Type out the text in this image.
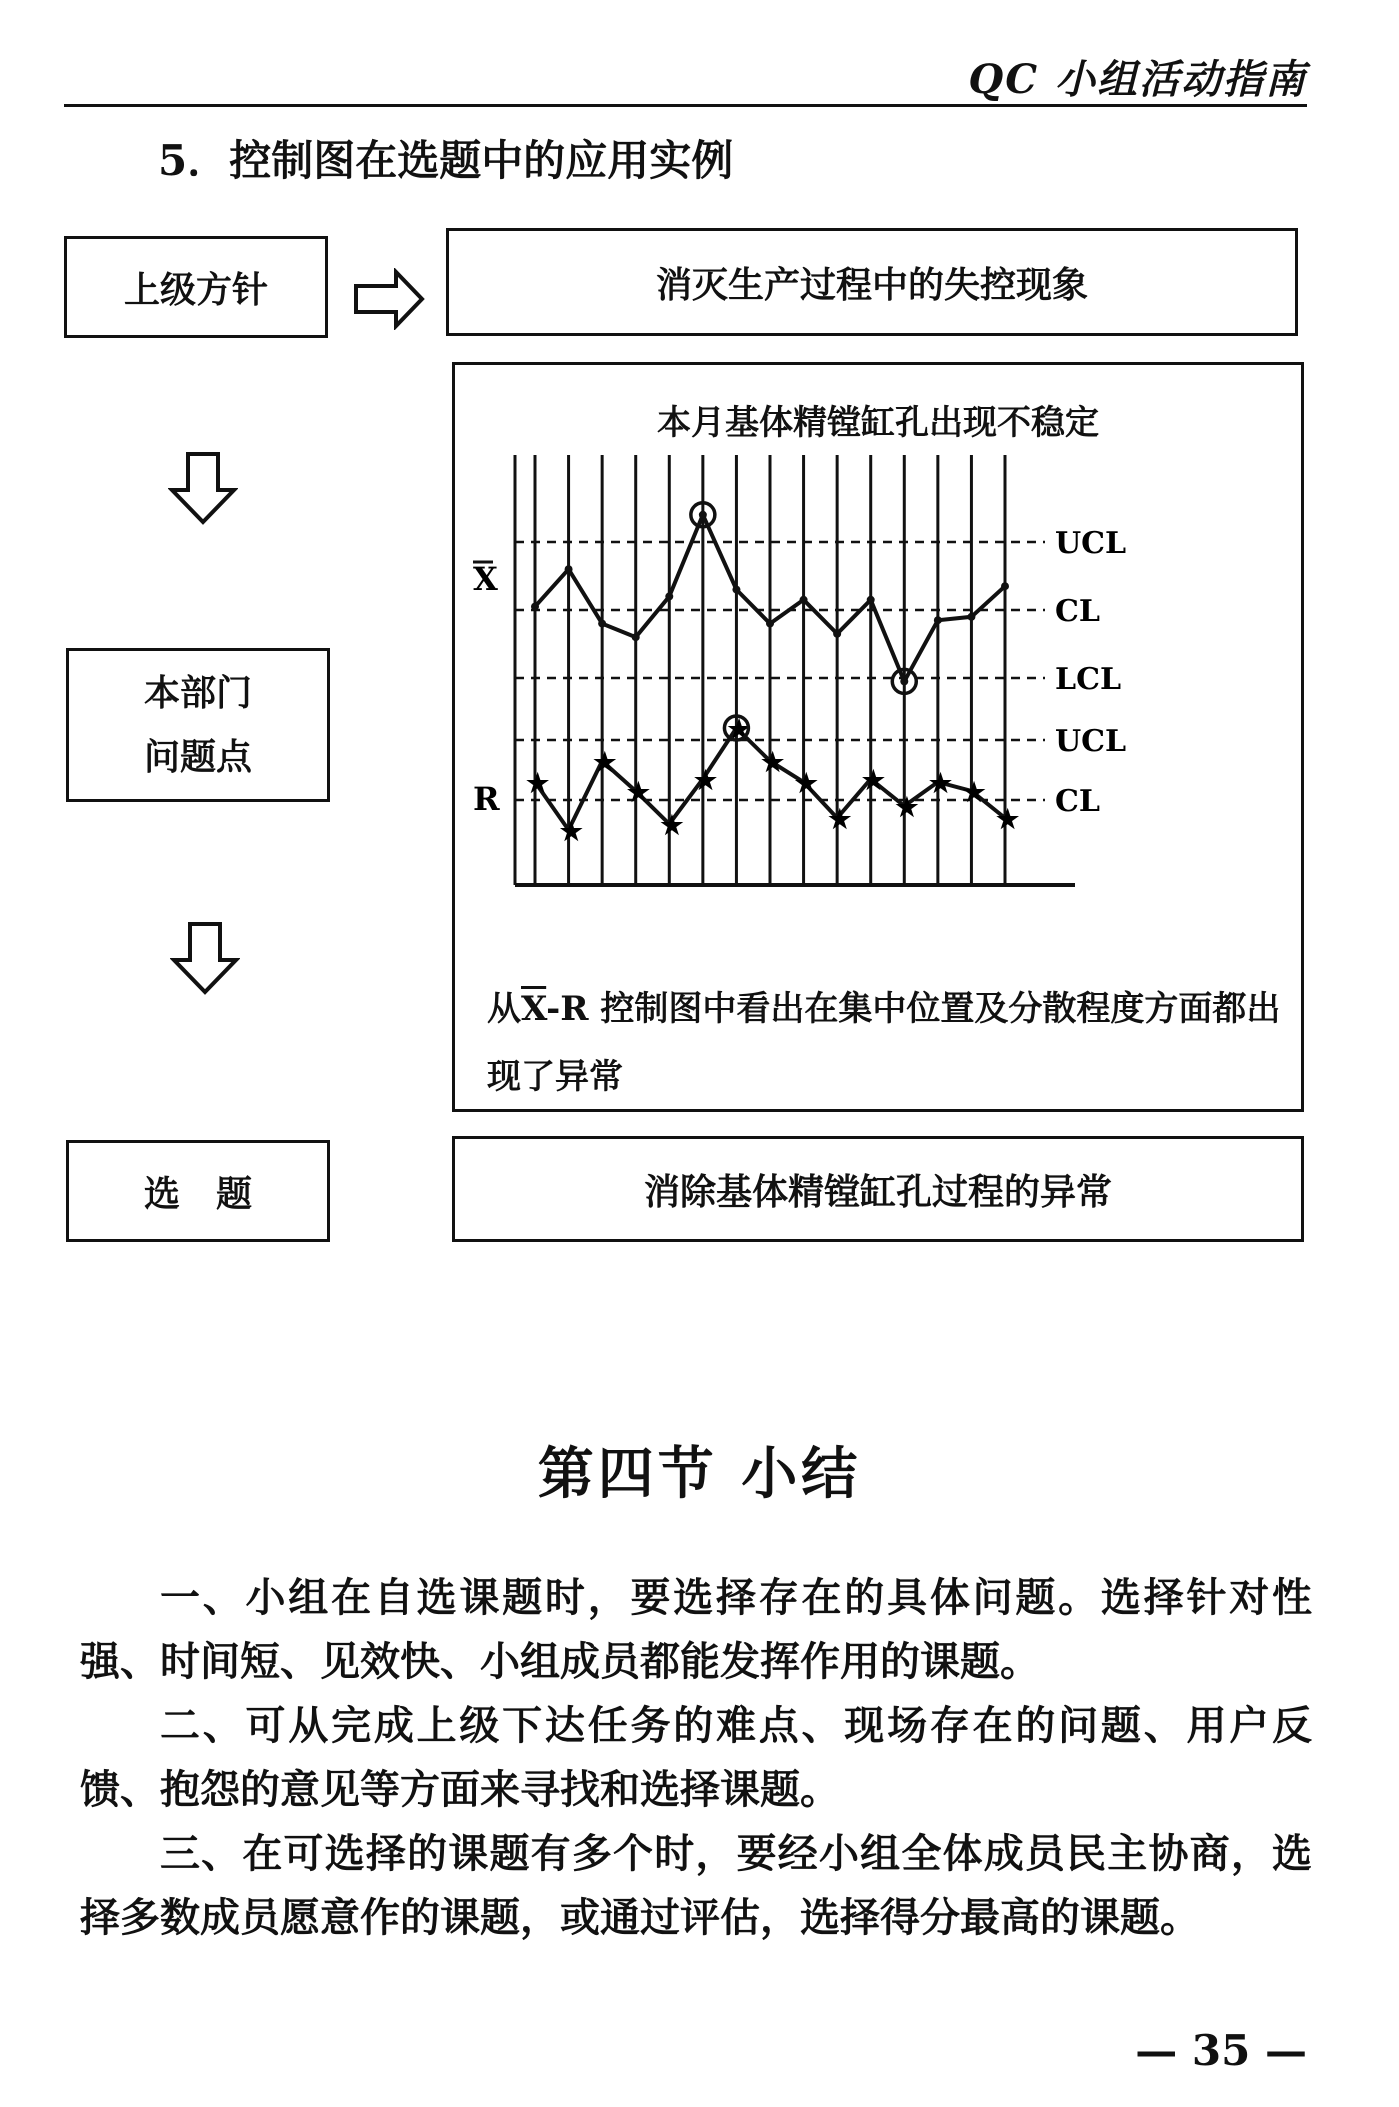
QC 小组活动指南
5．控制图在选题中的应用实例
上级方针	消灭生产过程中的失控现象
本部门
问题点
选　题	消除基体精镗缸孔过程的异常
本月基体精镗缸孔出现不稳定
UCL
CL
LCL
X
UCL
CL
R ★
★
★
★
★
★
★
★
★
★
★
★
★ ★
★
从$\overline{X}-R$ 控制图中看出在集中位置及分散程度方面都出现了异常
第四节 小结

一、小组在自选课题时，要选择存在的具体问题。选择针对性强、时间短、见效快、小组成员都能发挥作用的课题。

二、可从完成上级下达任务的难点、现场存在的问题、用户反馈、抱怨的意见等方面来寻找和选择课题。

三、在可选择的课题有多个时，要经小组全体成员民主协商，选择多数成员愿意作的课题，或通过评估，选择得分最高的课题。

— 35 —
